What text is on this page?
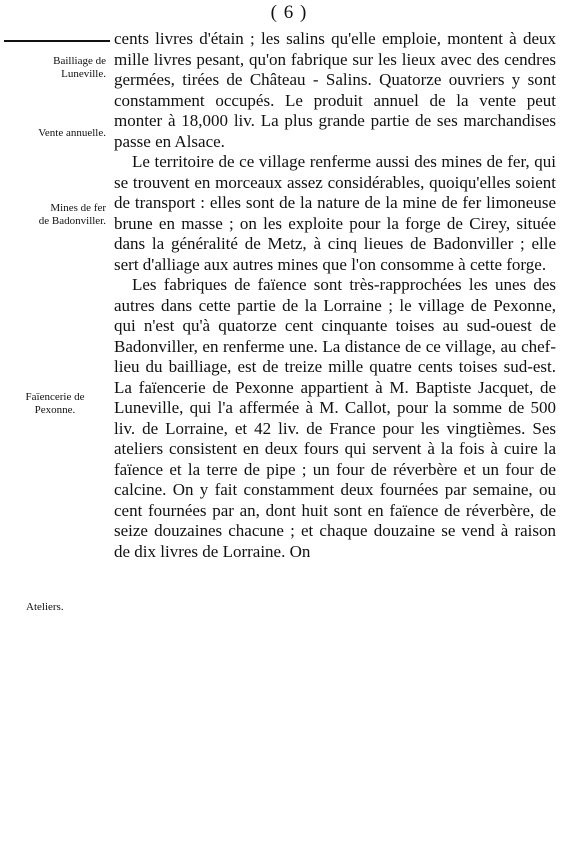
( 6 )
Bailliage de
Luneville.
Vente annuelle.
Mines de fer
de Badonviller.
Faïencerie de
Pexonne.
Ateliers.

cents livres d'étain ; les salins qu'elle emploie, montent à deux mille livres pesant, qu'on fabrique sur les lieux avec des cendres germées, tirées de Château - Salins. Quatorze ouvriers y sont constamment occupés. Le produit annuel de la vente peut monter à 18,000 liv. La plus grande partie de ses marchandises passe en Alsace.

Le territoire de ce village renferme aussi des mines de fer, qui se trouvent en morceaux assez considérables, quoiqu'elles soient de transport : elles sont de la nature de la mine de fer limoneuse brune en masse ; on les exploite pour la forge de Cirey, située dans la généralité de Metz, à cinq lieues de Badonviller ; elle sert d'alliage aux autres mines que l'on consomme à cette forge.

Les fabriques de faïence sont très-rapprochées les unes des autres dans cette partie de la Lorraine ; le village de Pexonne, qui n'est qu'à quatorze cent cinquante toises au sud-ouest de Badonviller, en renferme une. La distance de ce village, au chef-lieu du bailliage, est de treize mille quatre cents toises sud-est. La faïencerie de Pexonne appartient à M. Baptiste Jacquet, de Luneville, qui l'a affermée à M. Callot, pour la somme de 500 liv. de Lorraine, et 42 liv. de France pour les vingtièmes. Ses ateliers consistent en deux fours qui servent à la fois à cuire la faïence et la terre de pipe ; un four de réverbère et un four de calcine. On y fait constamment deux fournées par semaine, ou cent fournées par an, dont huit sont en faïence de réverbère, de seize douzaines chacune ; et chaque douzaine se vend à raison de dix livres de Lorraine. On
